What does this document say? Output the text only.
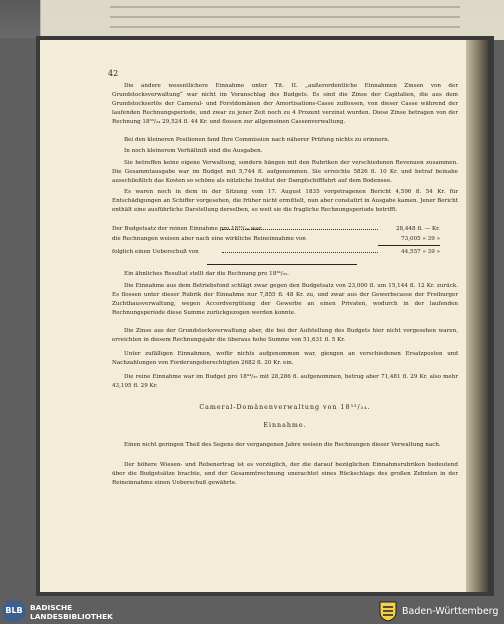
42
Die andere wesentlichere Einnahme unter Tit. II. „außerordentliche Einnahmen Zinsen von der Grundstocksverwaltung“ war nicht im Voranschlag des Budgets. Es sind die Zinse der Capitalien, die aus dem Grundstockserlös der Cameral- und Forstdomänen der Amortisations-Casse zuflossen, von dieser Casse während der laufenden Rechnungsperiode, und zwar zu jener Zeit noch zu 4 Prozent verzinst wurden. Diese Zinse betragen von der Rechnung 18³³/₃₄ 29,524 fl. 44 Kr. und flossen zur allgemeinen Cassenverwaltung.
Bei den kleineren Positionen fand Ihre Commission nach näherer Prüfung nichts zu erinnern.
In noch kleinerem Verhältniß sind die Ausgaben.
Sie betreffen keine eigene Verwaltung, sondern hängen mit den Rubriken der verschiedenen Revenuen zusammen. Die Gesammtausgabe war im Budget mit 5,744 fl. aufgenommen. Sie erreichte 5826 fl. 10 Kr. und betraf beinahe ausschließlich das Kosten so schöne als nützliche Institut der Dampfschifffahrt auf dem Bodensee.
Es waren noch in dem in der Sitzung vom 17. August 1835 vorgetragenen Bericht 4,596 fl. 54 Kr. für Entschädigungen an Schiffer vorgesehen, die früher nicht ermittelt, nun aber constatirt in Ausgabe kamen. Jener Bericht enthält eine ausführliche Darstellung derselben, so weit sie die fragliche Rechnungsperiode betrifft.
Der Budgetsatz der reinen Einnahme pro 18³³/₃₄ war	28,448 fl. — Kr.
die Rechnungen weisen aber nach eine wirkliche Reineinnahme von	73,005 » 39 »
folglich einen Ueberschuß von	44,557 » 39 »
Ein ähnliches Resultat stellt dar die Rechnung pro 18³⁴/₃₅.
Die Einnahme aus dem Betriebsfond schlägt zwar gegen den Budgetsatz von 23,000 fl. um 15,144 fl. 12 Kr. zurück. Es flossen unter dieser Rubrik der Einnahme nur 7,855 fl. 48 Kr. zu, und zwar aus der Gewerbscasse der Freiburger Zuchthausverwaltung, wegen Accordvergütung der Gewerbe an einen Privaten, wodurch in der laufenden Rechnungsperiode diese Summe zurückgezogen werden konnte.
Die Zinse aus der Grundstocksverwaltung aber, die bei der Aufstellung des Budgets hier nicht vorgesehen waren, erreichten in diesem Rechnungsjahr die überaus hohe Summe von 51,631 fl. 5 Kr.
Unter zufälligen Einnahmen, wofür nichts aufgenommen war, giengen an verschiedenen Ersatzposten und Nachzahlungen von Forderungsberechtigten 2682 fl. 20 Kr. ein.
Die reine Einnahme war im Budget pro 18³⁴/₃₅ mit 28,286 fl. aufgenommen, betrug aber 71,481 fl. 29 Kr. also mehr 43,195 fl. 29 Kr.
Cameral-Domänenverwaltung von 18³³/₃₄.
Einnahme.
Einen nicht geringen Theil des Segens der vergangenen Jahre weisen die Rechnungen dieser Verwaltung nach.
Der höhere Wiesen- und Rebenertrag ist es vorzüglich, der die darauf bezüglichen Einnahmsrubriken bedeutend über die Budgetsätze brachte, und der Gesammtrechnung unerachtet eines Rückschlags des großen Zehnten in der Reineinnahme einen Ueberschuß gewährte.
BLB BADISCHE
LANDESBIBLIOTHEK	Baden-Württemberg
